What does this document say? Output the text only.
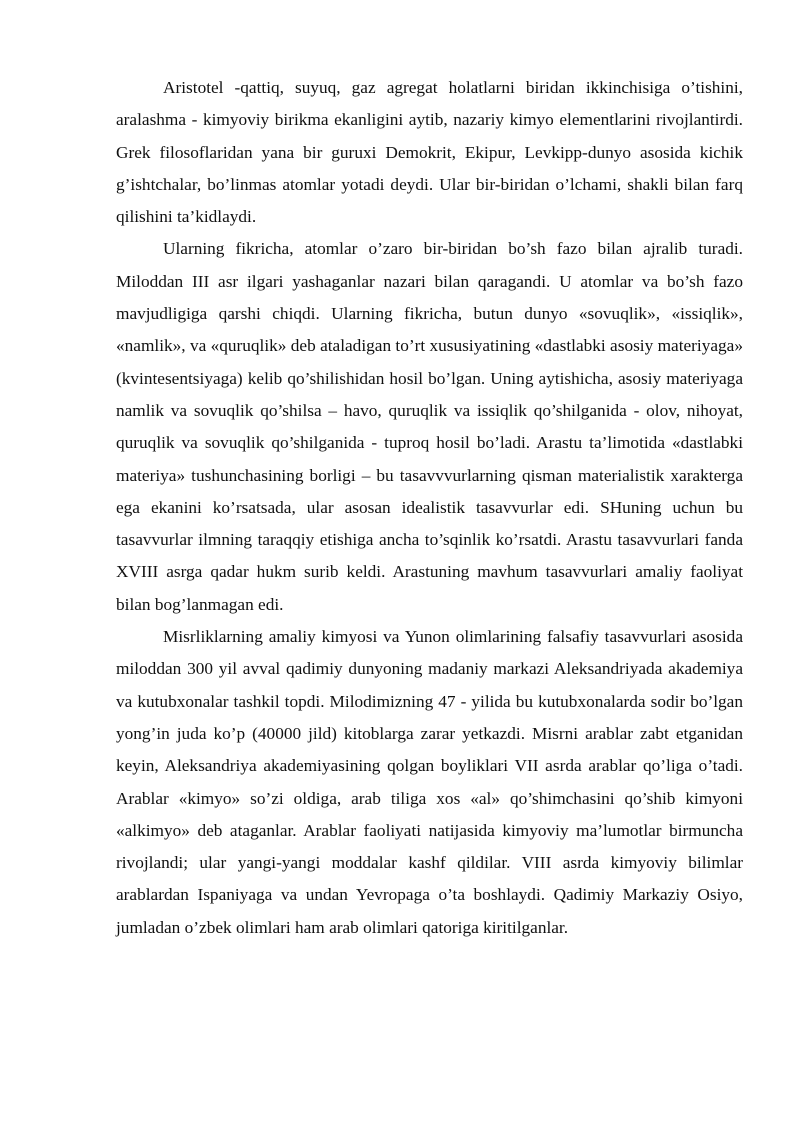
Aristotel -qattiq, suyuq, gaz agregat holatlarni biridan ikkinchisiga o’tishini, aralashma - kimyoviy birikma ekanligini aytib, nazariy kimyo elementlarini rivojlantirdi. Grek filosoflaridan yana bir guruxi Demokrit, Ekipur, Levkipp-dunyo asosida kichik g’ishtchalar, bo’linmas atomlar yotadi deydi. Ular bir-biridan o’lchami, shakli bilan farq qilishini ta’kidlaydi.

Ularning fikricha, atomlar o’zaro bir-biridan bo’sh fazo bilan ajralib turadi. Miloddan III asr ilgari yashaganlar nazari bilan qaragandi. U atomlar va bo’sh fazo mavjudligiga qarshi chiqdi. Ularning fikricha, butun dunyo «sovuqlik», «issiqlik», «namlik», va «quruqlik» deb ataladigan to’rt xususiyatining «dastlabki asosiy materiyaga» (kvintesentsiyaga) kelib qo’shilishidan hosil bo’lgan. Uning aytishicha, asosiy materiyaga namlik va sovuqlik qo’shilsa – havo, quruqlik va issiqlik qo’shilganida - olov, nihoyat, quruqlik va sovuqlik qo’shilganida - tuproq hosil bo’ladi. Arastu ta’limotida «dastlabki materiya» tushunchasining borligi – bu tasavvvurlarning qisman materialistik xarakterga ega ekanini ko’rsatsada, ular asosan idealistik tasavvurlar edi. SHuning uchun bu tasavvurlar ilmning taraqqiy etishiga ancha to’sqinlik ko’rsatdi. Arastu tasavvurlari fanda XVIII asrga qadar hukm surib keldi. Arastuning mavhum tasavvurlari amaliy faoliyat bilan bog’lanmagan edi.

Misrliklarning amaliy kimyosi va Yunon olimlarining falsafiy tasavvurlari asosida miloddan 300 yil avval qadimiy dunyoning madaniy markazi Aleksandriyada akademiya va kutubxonalar tashkil topdi. Milodimizning 47 - yilida bu kutubxonalarda sodir bo’lgan yong’in juda ko’p (40000 jild) kitoblarga zarar yetkazdi. Misrni arablar zabt etganidan keyin, Aleksandriya akademiyasining qolgan boyliklari VII asrda arablar qo’liga o’tadi. Arablar «kimyo» so’zi oldiga, arab tiliga xos «al» qo’shimchasini qo’shib kimyoni «alkimyo» deb ataganlar. Arablar faoliyati natijasida kimyoviy ma’lumotlar birmuncha rivojlandi; ular yangi-yangi moddalar kashf qildilar. VIII asrda kimyoviy bilimlar arablardan Ispaniyaga va undan Yevropaga o’ta boshlaydi. Qadimiy Markaziy Osiyo, jumladan o’zbek olimlari ham arab olimlari qatoriga kiritilganlar.
